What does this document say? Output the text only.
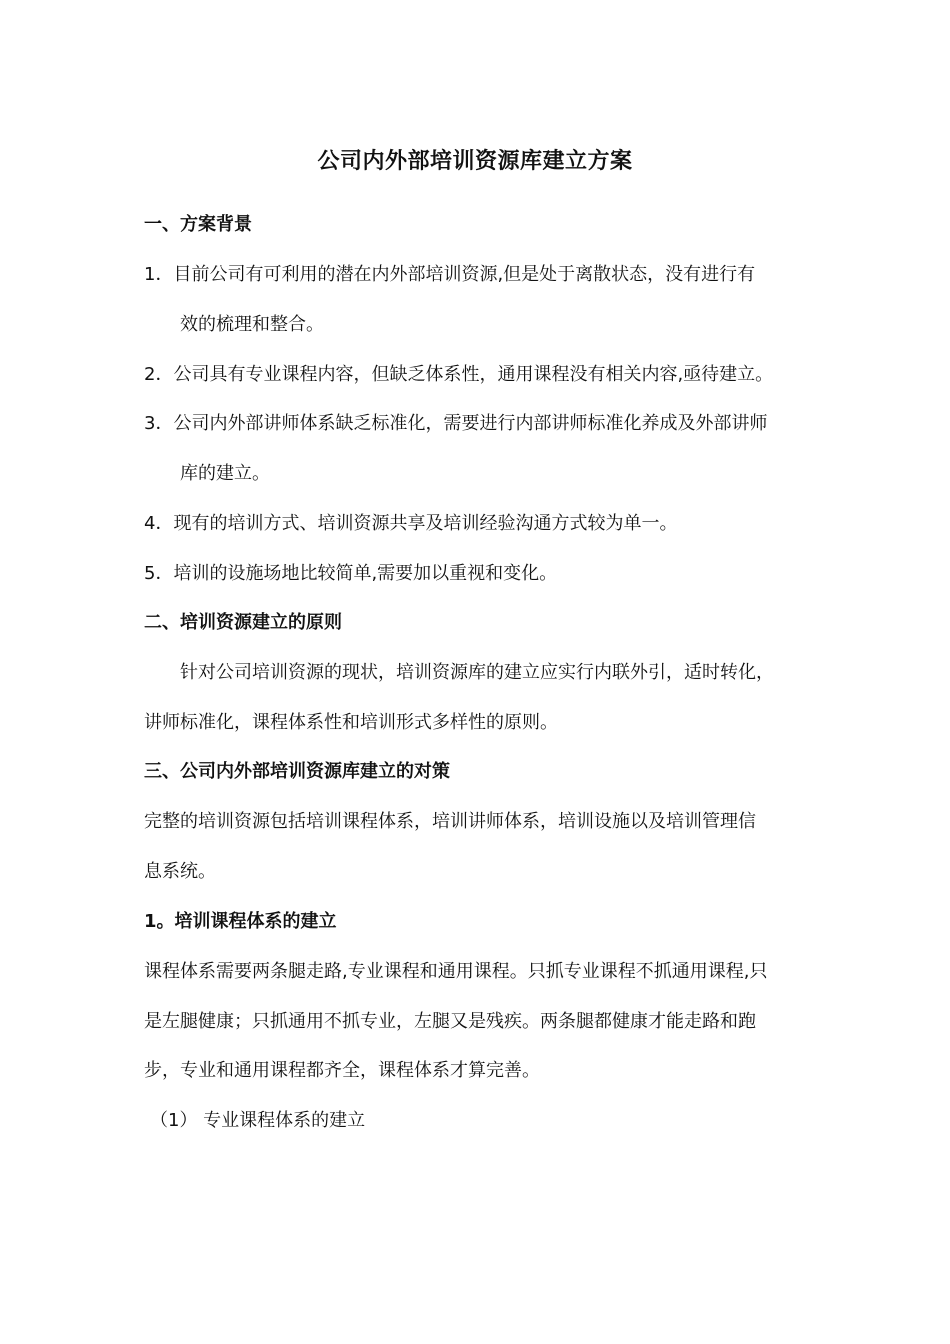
公司内外部培训资源库建立方案
一、方案背景
1．目前公司有可利用的潜在内外部培训资源,但是处于离散状态，没有进行有
效的梳理和整合。
2．公司具有专业课程内容，但缺乏体系性，通用课程没有相关内容,亟待建立。
3．公司内外部讲师体系缺乏标准化，需要进行内部讲师标准化养成及外部讲师
库的建立。
4．现有的培训方式、培训资源共享及培训经验沟通方式较为单一。
5．培训的设施场地比较简单,需要加以重视和变化。
二、培训资源建立的原则
针对公司培训资源的现状，培训资源库的建立应实行内联外引，适时转化，
讲师标准化，课程体系性和培训形式多样性的原则。
三、公司内外部培训资源库建立的对策
完整的培训资源包括培训课程体系，培训讲师体系，培训设施以及培训管理信
息系统。
1。培训课程体系的建立
课程体系需要两条腿走路,专业课程和通用课程。只抓专业课程不抓通用课程,只
是左腿健康；只抓通用不抓专业，左腿又是残疾。两条腿都健康才能走路和跑
步，专业和通用课程都齐全，课程体系才算完善。
（1） 专业课程体系的建立
